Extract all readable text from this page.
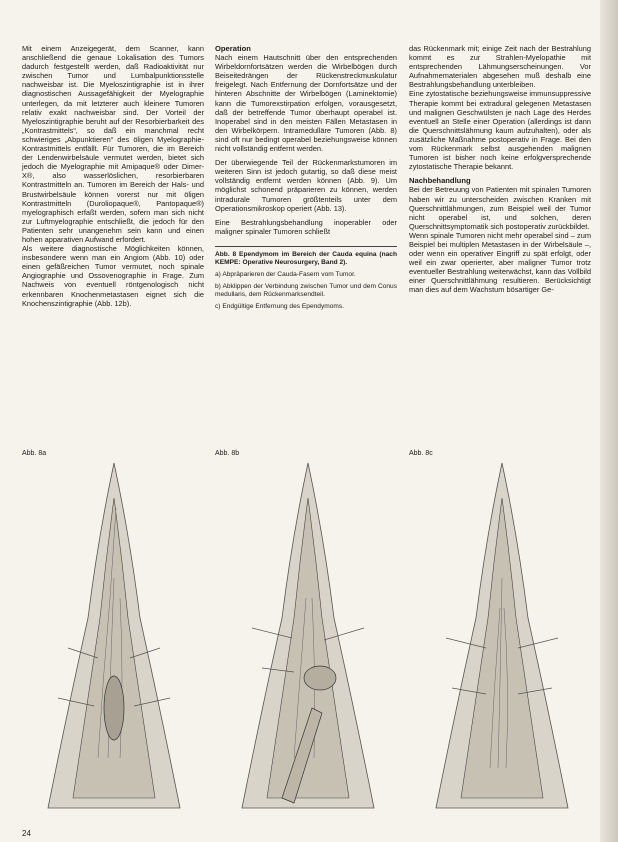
Mit einem Anzeigegerät, dem Scanner, kann anschließend die genaue Lokalisation des Tumors dadurch festgestellt werden, daß Radioaktivität nur zwischen Tumor und Lumbalpunktionsstelle nachweisbar ist. Die Myeloszintigraphie ist in ihrer diagnostischen Aussagefähigkeit der Myelographie unterlegen, da mit letzterer auch kleinere Tumoren relativ exakt nachweisbar sind. Der Vorteil der Myeloszintigraphie beruht auf der Resorbierbarkeit des „Kontrastmittels“, so daß ein manchmal recht schwieriges „Abpunktieren“ des öligen Myelographie-Kontrastmittels entfällt. Für Tumoren, die im Bereich der Lendenwirbelsäule vermutet werden, bietet sich jedoch die Myelographie mit Amipaque® oder Dimer-X®, also wasserlöslichen, resorbierbaren Kontrastmitteln an. Tumoren im Bereich der Hals- und Brustwirbelsäule können vorerst nur mit öligen Kontrastmitteln (Duroliopaque®, Pantopaque®) myelographisch erfaßt werden, sofern man sich nicht zur Luftmyelographie entschließt, die jedoch für den Patienten sehr unangenehm sein kann und einen hohen apparativen Aufwand erfordert.

Als weitere diagnostische Möglichkeiten können, insbesondere wenn man ein Angiom (Abb. 10) oder einen gefäßreichen Tumor vermutet, noch spinale Angiographie und Ossovenographie in Frage. Zum Nachweis von eventuell röntgenologisch nicht erkennbaren Knochenmetastasen eignet sich die Knochenszintigraphie (Abb. 12b).

Operation

Nach einem Hautschnitt über den entsprechenden Wirbeldornfortsätzen werden die Wirbelbögen durch Beiseitedrängen der Rückenstreckmuskulatur freigelegt. Nach Entfernung der Dornfortsätze und der hinteren Abschnitte der Wirbelbögen (Laminektomie) kann die Tumorexstirpation erfolgen, vorausgesetzt, daß der betreffende Tumor überhaupt operabel ist. Inoperabel sind in den meisten Fällen Metastasen in den Wirbelkörpern. Intramedulläre Tumoren (Abb. 8) sind oft nur bedingt operabel beziehungsweise können nicht vollständig entfernt werden.

Der überwiegende Teil der Rückenmarkstumoren im weiteren Sinn ist jedoch gutartig, so daß diese meist vollständig entfernt werden können (Abb. 9). Um möglichst schonend präparieren zu können, werden intradurale Tumoren größtenteils unter dem Operationsmikroskop operiert (Abb. 13).

Eine Bestrahlungsbehandlung inoperabler oder maligner spinaler Tumoren schließt

Abb. 8 Ependymom im Bereich der Cauda equina (nach KEMPE: Operative Neurosurgery, Band 2).

a) Abpräparieren der Cauda-Fasern vom Tumor.

b) Abklippen der Verbindung zwischen Tumor und dem Conus medullaris, dem Rückenmarksendteil.

c) Endgültige Entfernung des Ependymoms.

das Rückenmark mit; einige Zeit nach der Bestrahlung kommt es zur Strahlen-Myelopathie mit entsprechenden Lähmungserscheinungen. Vor Aufnahmematerialen abgesehen muß deshalb eine Bestrahlungsbehandlung unterbleiben.

Eine zytostatische beziehungsweise immunsuppressive Therapie kommt bei extradural gelegenen Metastasen und malignen Geschwülsten je nach Lage des Herdes eventuell an Stelle einer Operation (allerdings ist dann die Querschnittslähmung kaum aufzuhalten), oder als zusätzliche Maßnahme postoperativ in Frage. Bei den vom Rückenmark selbst ausgehenden malignen Tumoren ist bisher noch keine erfolgversprechende zytostatische Therapie bekannt.

Nachbehandlung

Bei der Betreuung von Patienten mit spinalen Tumoren haben wir zu unterscheiden zwischen Kranken mit Querschnittlähmungen, zum Beispiel weil der Tumor nicht operabel ist, und solchen, deren Querschnittsymptomatik sich postoperativ zurückbildet.

Wenn spinale Tumoren nicht mehr operabel sind – zum Beispiel bei multiplen Metastasen in der Wirbelsäule –, oder wenn ein operativer Eingriff zu spät erfolgt, oder weil ein zwar operierter, aber maligner Tumor trotz eventueller Bestrahlung weiterwächst, kann das Vollbild einer Querschnittlähmung resultieren. Berücksichtigt man dies auf dem Wachstum bösartiger Ge-

Abb. 8a	Abb. 8b	Abb. 8c
24
